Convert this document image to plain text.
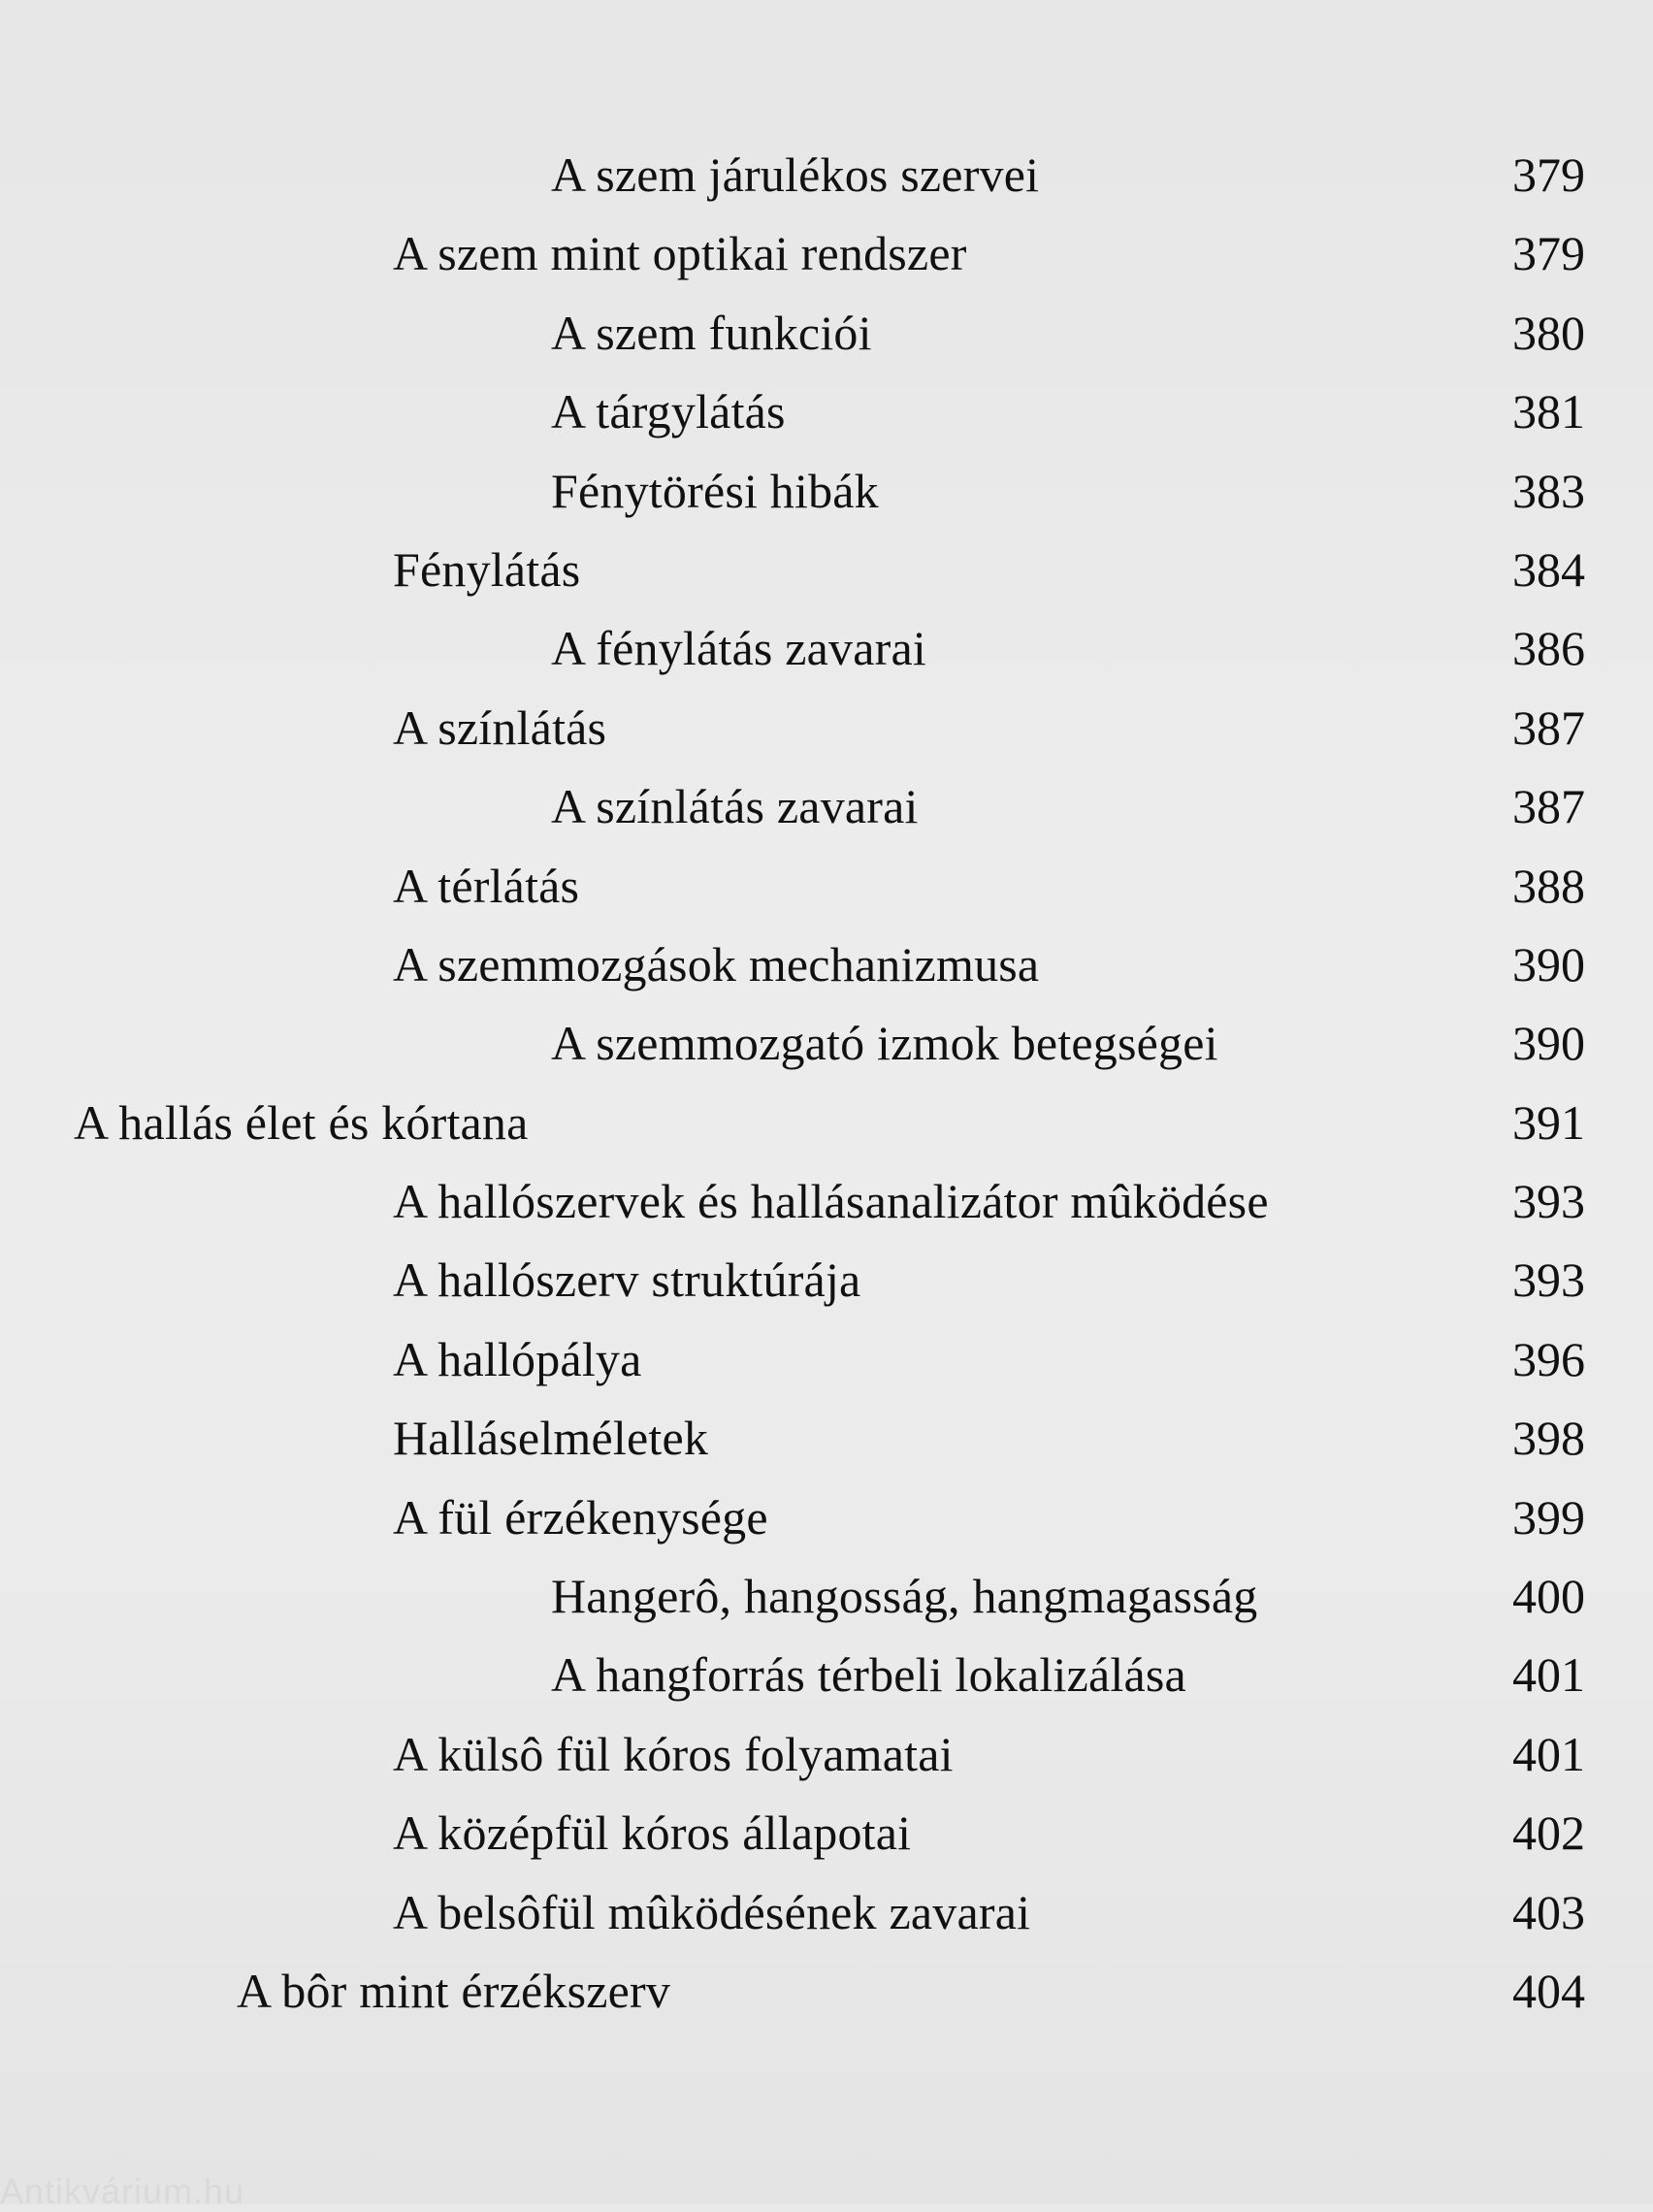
A szem járulékos szervei	379
A szem mint optikai rendszer	379
A szem funkciói	380
A tárgylátás	381
Fénytörési hibák	383
Fénylátás	384
A fénylátás zavarai	386
A színlátás	387
A színlátás zavarai	387
A térlátás	388
A szemmozgások mechanizmusa	390
A szemmozgató izmok betegségei	390
A hallás élet és kórtana	391
A hallószervek és hallásanalizátor mûködése	393
A hallószerv struktúrája	393
A hallópálya	396
Halláselméletek	398
A fül érzékenysége	399
Hangerô, hangosság, hangmagasság	400
A hangforrás térbeli lokalizálása	401
A külsô fül kóros folyamatai	401
A középfül kóros állapotai	402
A belsôfül mûködésének zavarai	403
A bôr mint érzékszerv	404
Antikvárium.hu
